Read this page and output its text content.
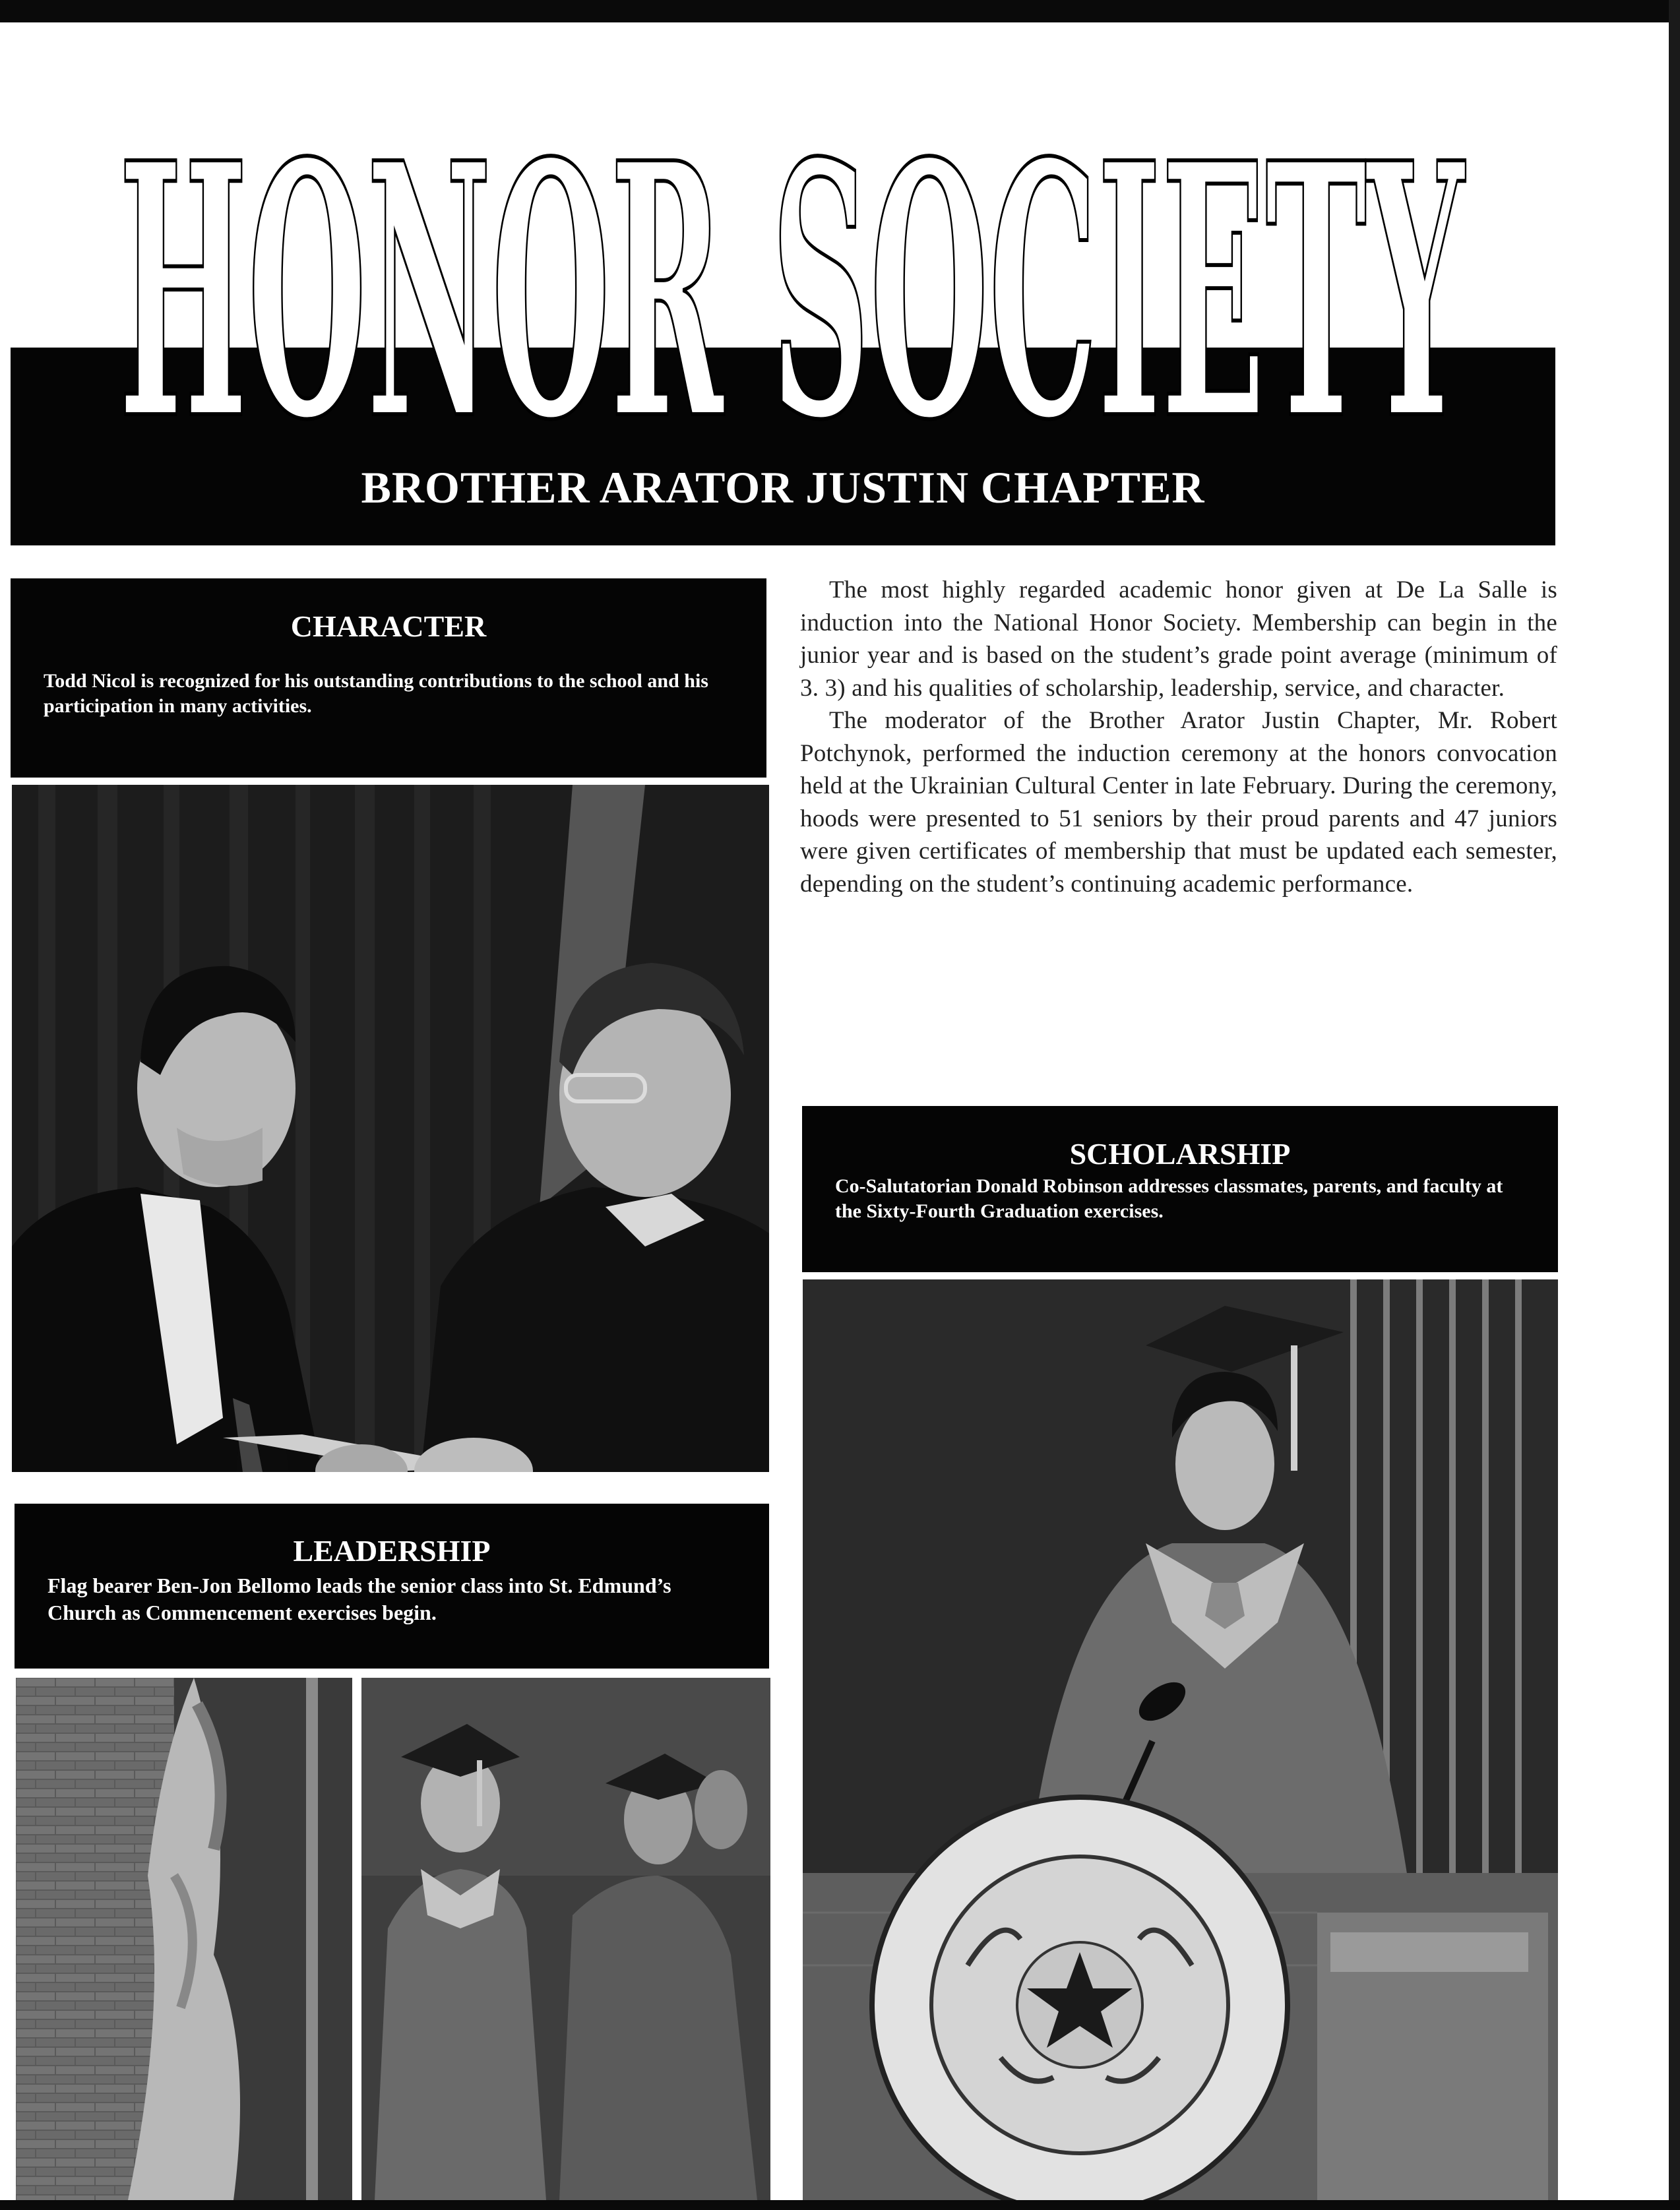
HONOR SOCIETY
BROTHER ARATOR JUSTIN CHAPTER
CHARACTER
Todd Nicol is recognized for his outstanding contributions to the school and his participation in many activities.
LEADERSHIP
Flag bearer Ben-Jon Bellomo leads the senior class into St. Edmund’s Church as Commencement exercises begin.

The most highly regarded academic honor given at De La Salle is induction into the National Honor Society. Membership can begin in the junior year and is based on the student’s grade point average (minimum of 3. 3) and his qualities of scholarship, leadership, service, and character.

The moderator of the Brother Arator Justin Chapter, Mr. Robert Potchynok, performed the induction ceremony at the honors convocation held at the Ukrainian Cultural Center in late February. During the ceremony, hoods were presented to 51 seniors by their proud parents and 47 juniors were given certificates of membership that must be updated each semester, depending on the student’s continuing academic performance.

SCHOLARSHIP
Co-Salutatorian Donald Robinson addresses classmates, parents, and faculty at the Sixty-Fourth Graduation exercises.
